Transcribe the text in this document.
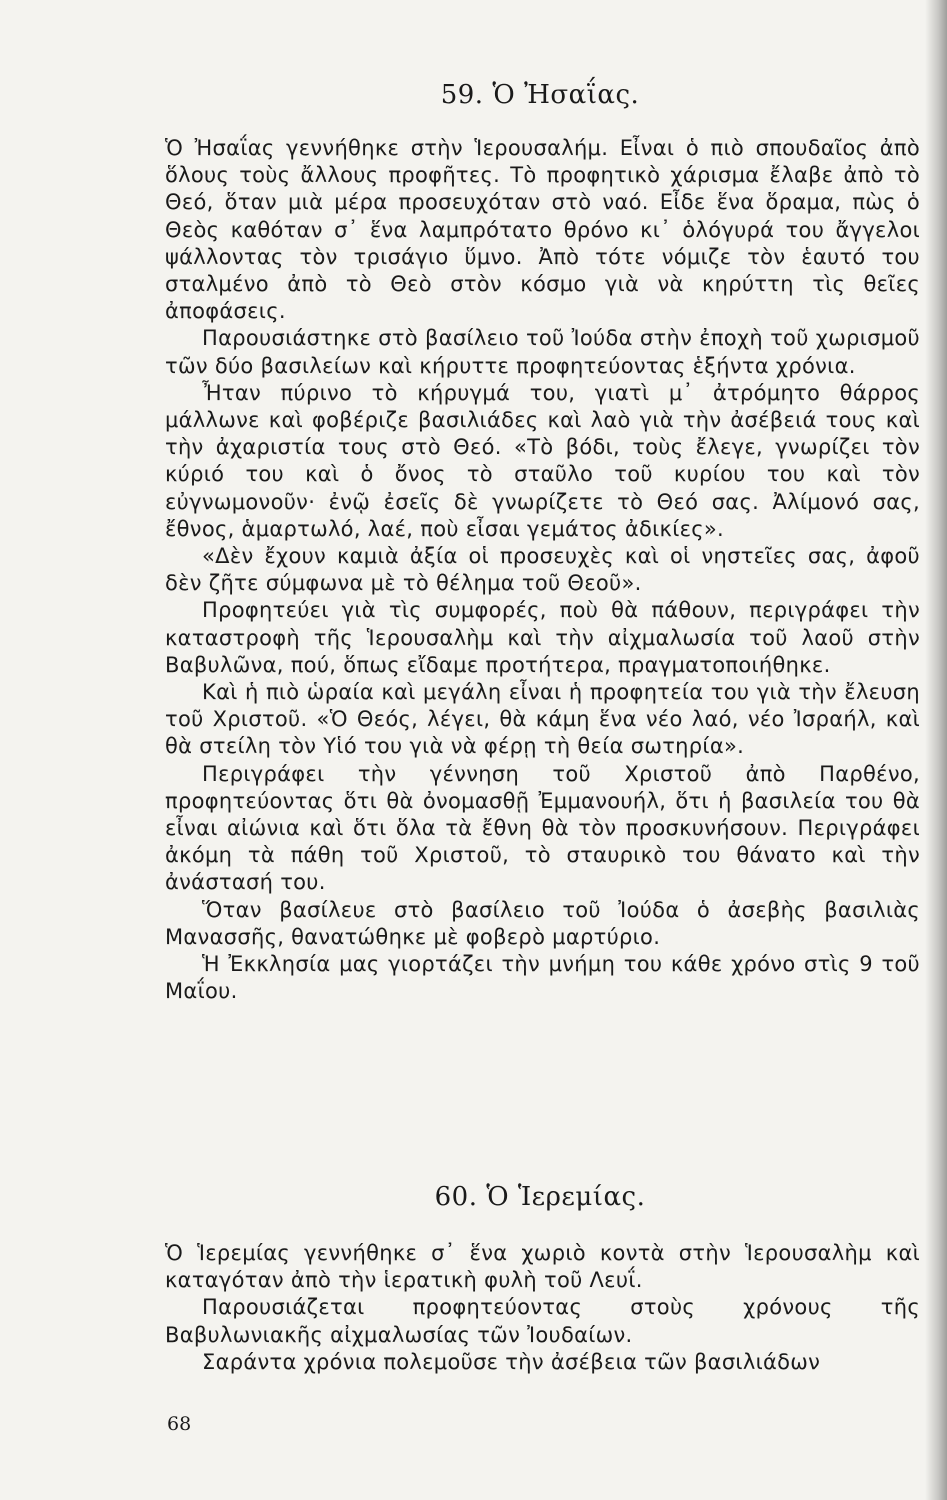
59. Ὁ Ἠσαΐας.

Ὁ Ἠσαΐας γεννήθηκε στὴν Ἱερουσαλήμ. Εἶναι ὁ πιὸ σπουδαῖος ἀπὸ ὅλους τοὺς ἄλλους προφῆτες. Τὸ προφητικὸ χάρισμα ἔλαβε ἀπὸ τὸ Θεό, ὅταν μιὰ μέρα προσευχόταν στὸ ναό. Εἶδε ἕνα ὅραμα, πὼς ὁ Θεὸς καθόταν σ᾽ ἕνα λαμπρότατο θρόνο κι᾽ ὁλόγυρά του ἄγγελοι ψάλλοντας τὸν τρισάγιο ὕμνο. Ἀπὸ τότε νόμιζε τὸν ἑαυτό του σταλμένο ἀπὸ τὸ Θεὸ στὸν κόσμο γιὰ νὰ κηρύττη τὶς θεῖες ἀποφάσεις.

Παρουσιάστηκε στὸ βασίλειο τοῦ Ἰούδα στὴν ἐποχὴ τοῦ χωρισμοῦ τῶν δύο βασιλείων καὶ κήρυττε προφητεύοντας ἑξήντα χρόνια.

Ἦταν πύρινο τὸ κήρυγμά του, γιατὶ μ᾽ ἀτρόμητο θάρρος μάλλωνε καὶ φοβέριζε βασιλιάδες καὶ λαὸ γιὰ τὴν ἀσέβειά τους καὶ τὴν ἀχαριστία τους στὸ Θεό. «Τὸ βόδι, τοὺς ἔλεγε, γνωρίζει τὸν κύριό του καὶ ὁ ὄνος τὸ σταῦλο τοῦ κυρίου του καὶ τὸν εὐγνωμονοῦν· ἐνῷ ἐσεῖς δὲ γνωρίζετε τὸ Θεό σας. Ἀλίμονό σας, ἔθνος, ἁμαρτωλό, λαέ, ποὺ εἶσαι γεμάτος ἀδικίες».

«Δὲν ἔχουν καμιὰ ἀξία οἱ προσευχὲς καὶ οἱ νηστεῖες σας, ἀφοῦ δὲν ζῆτε σύμφωνα μὲ τὸ θέλημα τοῦ Θεοῦ».

Προφητεύει γιὰ τὶς συμφορές, ποὺ θὰ πάθουν, περιγράφει τὴν καταστροφὴ τῆς Ἱερουσαλὴμ καὶ τὴν αἰχμαλωσία τοῦ λαοῦ στὴν Βαβυλῶνα, πού, ὅπως εἴδαμε προτήτερα, πραγματοποιήθηκε.

Καὶ ἡ πιὸ ὡραία καὶ μεγάλη εἶναι ἡ προφητεία του γιὰ τὴν ἔλευση τοῦ Χριστοῦ. «Ὁ Θεός, λέγει, θὰ κάμη ἕνα νέο λαό, νέο Ἰσραήλ, καὶ θὰ στείλη τὸν Υἱό του γιὰ νὰ φέρῃ τὴ θεία σωτηρία».

Περιγράφει τὴν γέννηση τοῦ Χριστοῦ ἀπὸ Παρθένο, προφητεύοντας ὅτι θὰ ὀνομασθῇ Ἐμμανουήλ, ὅτι ἡ βασιλεία του θὰ εἶναι αἰώνια καὶ ὅτι ὅλα τὰ ἔθνη θὰ τὸν προσκυνήσουν. Περιγράφει ἀκόμη τὰ πάθη τοῦ Χριστοῦ, τὸ σταυρικὸ του θάνατο καὶ τὴν ἀνάστασή του.

Ὅταν βασίλευε στὸ βασίλειο τοῦ Ἰούδα ὁ ἀσεβὴς βασιλιὰς Μανασσῆς, θανατώθηκε μὲ φοβερὸ μαρτύριο.

Ἡ Ἐκκλησία μας γιορτάζει τὴν μνήμη του κάθε χρόνο στὶς 9 τοῦ Μαΐου.

60. Ὁ Ἱερεμίας.

Ὁ Ἱερεμίας γεννήθηκε σ᾽ ἕνα χωριὸ κοντὰ στὴν Ἱερουσαλὴμ καὶ καταγόταν ἀπὸ τὴν ἱερατικὴ φυλὴ τοῦ Λευΐ.

Παρουσιάζεται προφητεύοντας στοὺς χρόνους τῆς Βαβυλωνιακῆς αἰχμαλωσίας τῶν Ἰουδαίων.

Σαράντα χρόνια πολεμοῦσε τὴν ἀσέβεια τῶν βασιλιάδων

68
